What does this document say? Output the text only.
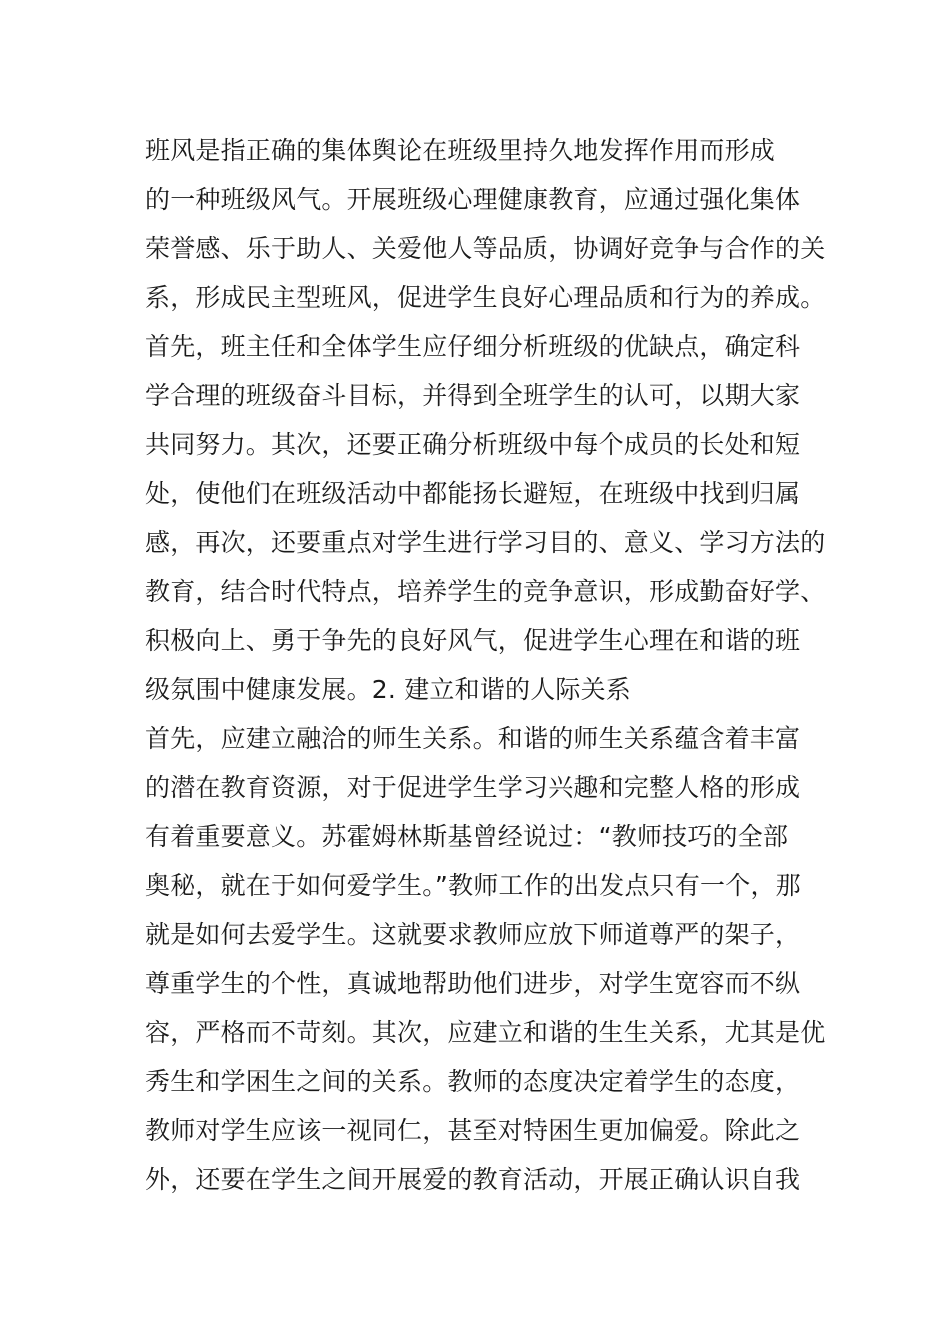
班风是指正确的集体舆论在班级里持久地发挥作用而形成
的一种班级风气。开展班级心理健康教育，应通过强化集体
荣誉感、乐于助人、关爱他人等品质，协调好竞争与合作的关
系，形成民主型班风，促进学生良好心理品质和行为的养成。
首先，班主任和全体学生应仔细分析班级的优缺点，确定科
学合理的班级奋斗目标，并得到全班学生的认可，以期大家
共同努力。其次，还要正确分析班级中每个成员的长处和短
处，使他们在班级活动中都能扬长避短，在班级中找到归属
感，再次，还要重点对学生进行学习目的、意义、学习方法的
教育，结合时代特点，培养学生的竞争意识，形成勤奋好学、
积极向上、勇于争先的良好风气，促进学生心理在和谐的班
级氛围中健康发展。2. 建立和谐的人际关系
首先，应建立融洽的师生关系。和谐的师生关系蕴含着丰富
的潜在教育资源，对于促进学生学习兴趣和完整人格的形成
有着重要意义。苏霍姆林斯基曾经说过：“教师技巧的全部
奥秘，就在于如何爱学生。”教师工作的出发点只有一个，那
就是如何去爱学生。这就要求教师应放下师道尊严的架子，
尊重学生的个性，真诚地帮助他们进步，对学生宽容而不纵
容，严格而不苛刻。其次，应建立和谐的生生关系，尤其是优
秀生和学困生之间的关系。教师的态度决定着学生的态度，
教师对学生应该一视同仁，甚至对特困生更加偏爱。除此之
外，还要在学生之间开展爱的教育活动，开展正确认识自我
